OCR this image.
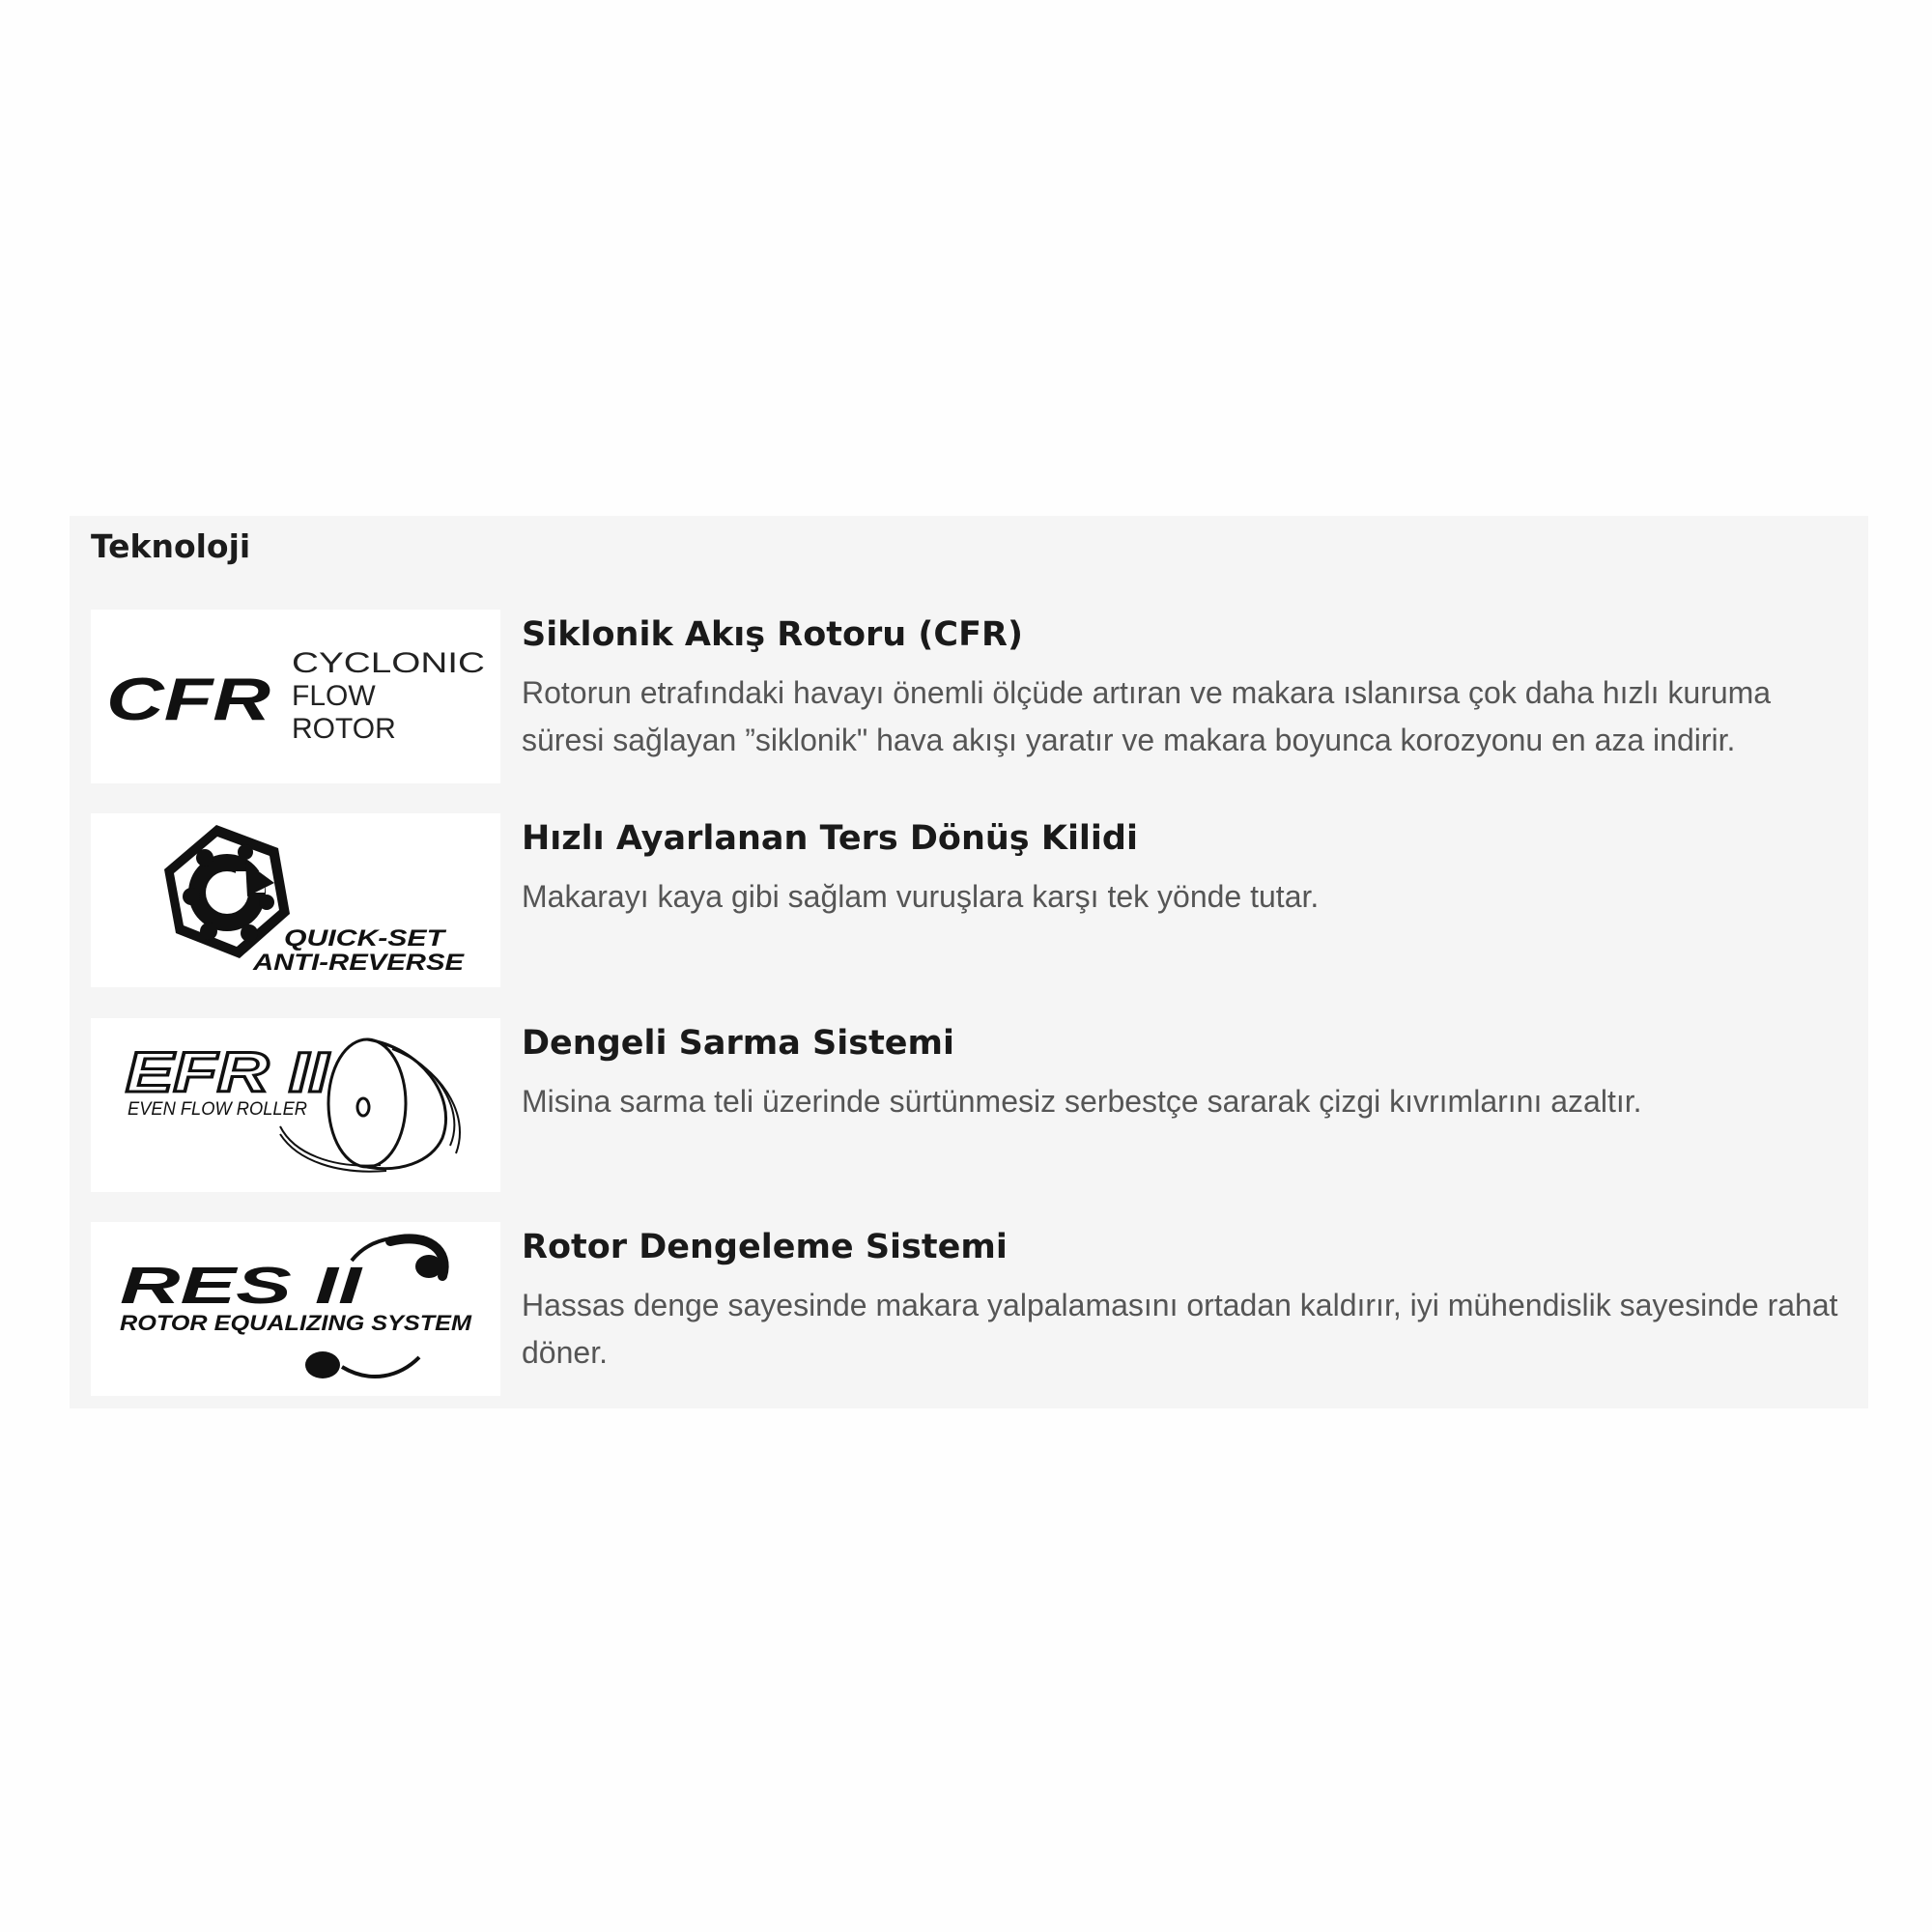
Teknoloji
CFR
CYCLONIC
FLOW
ROTOR
Siklonik Akış Rotoru (CFR)

Rotorun etrafındaki havayı önemli ölçüde artıran ve makara ıslanırsa çok daha hızlı kuruma süresi sağlayan ”siklonik" hava akışı yaratır ve makara boyunca korozyonu en aza indirir.

QUICK-SET
ANTI-REVERSE
Hızlı Ayarlanan Ters Dönüş Kilidi

Makarayı kaya gibi sağlam vuruşlara karşı tek yönde tutar.

EFR II
EVEN FLOW ROLLER
Dengeli Sarma Sistemi

Misina sarma teli üzerinde sürtünmesiz serbestçe sararak çizgi kıvrımlarını azaltır.

RES II
ROTOR EQUALIZING SYSTEM
Rotor Dengeleme Sistemi

Hassas denge sayesinde makara yalpalamasını ortadan kaldırır, iyi mühendislik sayesinde rahat döner.
